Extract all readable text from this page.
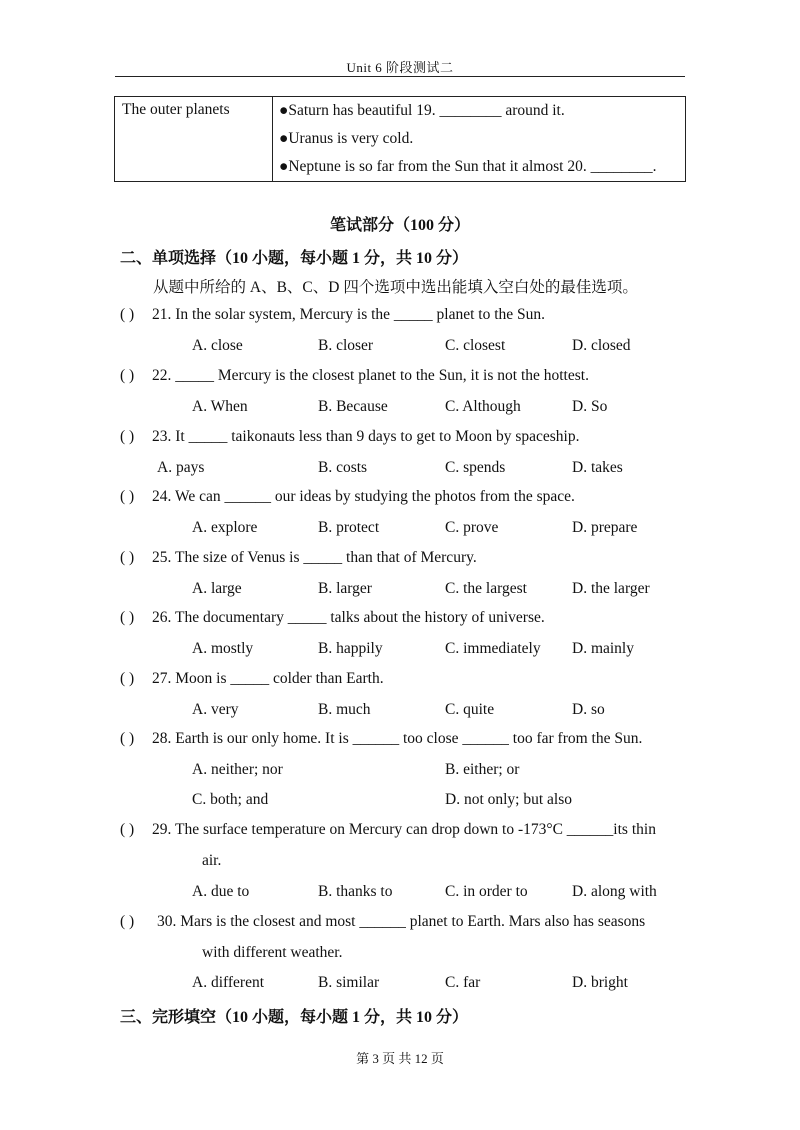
Unit 6 阶段测试二
The outer planets	●Saturn has beautiful 19. ________ around it.
●Uranus is very cold.
●Neptune is so far from the Sun that it almost 20. ________.
笔试部分（100 分）
二、单项选择（10 小题，每小题 1 分，共 10 分）
从题中所给的 A、B、C、D 四个选项中选出能填入空白处的最佳选项。
( ) 21. In the solar system, Mercury is the _____ planet to the Sun.
A. close	B. closer	C. closest	D. closed
( ) 22. _____ Mercury is the closest planet to the Sun, it is not the hottest.
A. When	B. Because	C. Although	D. So
( ) 23. It _____ taikonauts less than 9 days to get to Moon by spaceship.
A. pays	B. costs	C. spends	D. takes
( ) 24. We can ______ our ideas by studying the photos from the space.
A. explore	B. protect	C. prove	D. prepare
( ) 25. The size of Venus is _____ than that of Mercury.
A. large	B. larger	C. the largest	D. the larger
( ) 26. The documentary _____ talks about the history of universe.
A. mostly	B. happily	C. immediately D. mainly
( ) 27. Moon is _____ colder than Earth.
A. very	B. much	C. quite	D. so
( ) 28. Earth is our only home. It is ______ too close ______ too far from the Sun.
A. neither; nor	B. either; or
C. both; and	D. not only; but also
( ) 29. The surface temperature on Mercury can drop down to -173°C ______its thin
air.
A. due to	B. thanks to	C. in order to	D. along with
( ) 30. Mars is the closest and most ______ planet to Earth. Mars also has seasons
with different weather.
A. different	B. similar	C. far	D. bright
三、完形填空（10 小题，每小题 1 分，共 10 分）
第 3 页 共 12 页
